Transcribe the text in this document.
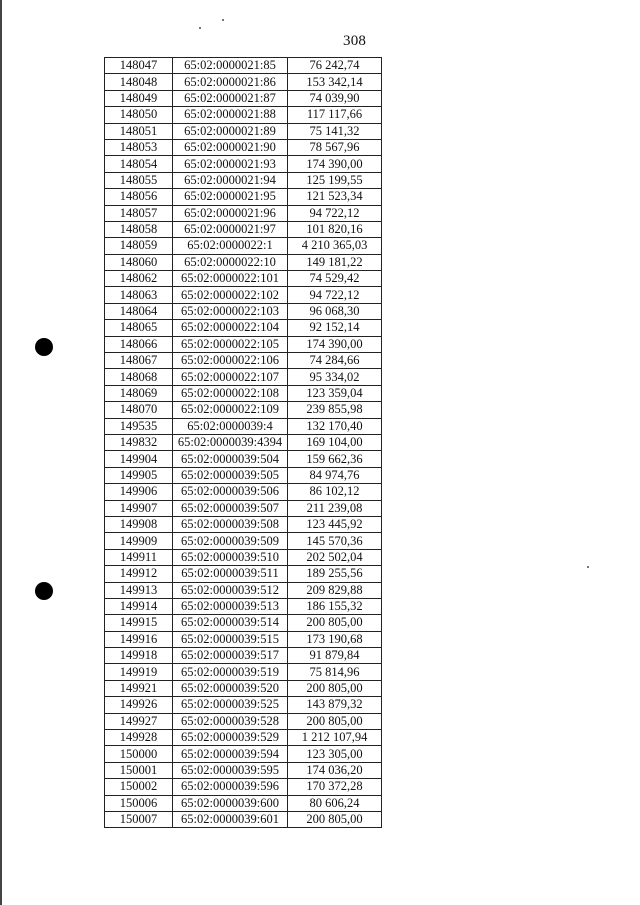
308
148047	65:02:0000021:85	76 242,74
148048	65:02:0000021:86	153 342,14
148049	65:02:0000021:87	74 039,90
148050	65:02:0000021:88	117 117,66
148051	65:02:0000021:89	75 141,32
148053	65:02:0000021:90	78 567,96
148054	65:02:0000021:93	174 390,00
148055	65:02:0000021:94	125 199,55
148056	65:02:0000021:95	121 523,34
148057	65:02:0000021:96	94 722,12
148058	65:02:0000021:97	101 820,16
148059	65:02:0000022:1	4 210 365,03
148060	65:02:0000022:10	149 181,22
148062	65:02:0000022:101	74 529,42
148063	65:02:0000022:102	94 722,12
148064	65:02:0000022:103	96 068,30
148065	65:02:0000022:104	92 152,14
148066	65:02:0000022:105	174 390,00
148067	65:02:0000022:106	74 284,66
148068	65:02:0000022:107	95 334,02
148069	65:02:0000022:108	123 359,04
148070	65:02:0000022:109	239 855,98
149535	65:02:0000039:4	132 170,40
149832	65:02:0000039:4394	169 104,00
149904	65:02:0000039:504	159 662,36
149905	65:02:0000039:505	84 974,76
149906	65:02:0000039:506	86 102,12
149907	65:02:0000039:507	211 239,08
149908	65:02:0000039:508	123 445,92
149909	65:02:0000039:509	145 570,36
149911	65:02:0000039:510	202 502,04
149912	65:02:0000039:511	189 255,56
149913	65:02:0000039:512	209 829,88
149914	65:02:0000039:513	186 155,32
149915	65:02:0000039:514	200 805,00
149916	65:02:0000039:515	173 190,68
149918	65:02:0000039:517	91 879,84
149919	65:02:0000039:519	75 814,96
149921	65:02:0000039:520	200 805,00
149926	65:02:0000039:525	143 879,32
149927	65:02:0000039:528	200 805,00
149928	65:02:0000039:529	1 212 107,94
150000	65:02:0000039:594	123 305,00
150001	65:02:0000039:595	174 036,20
150002	65:02:0000039:596	170 372,28
150006	65:02:0000039:600	80 606,24
150007	65:02:0000039:601	200 805,00
